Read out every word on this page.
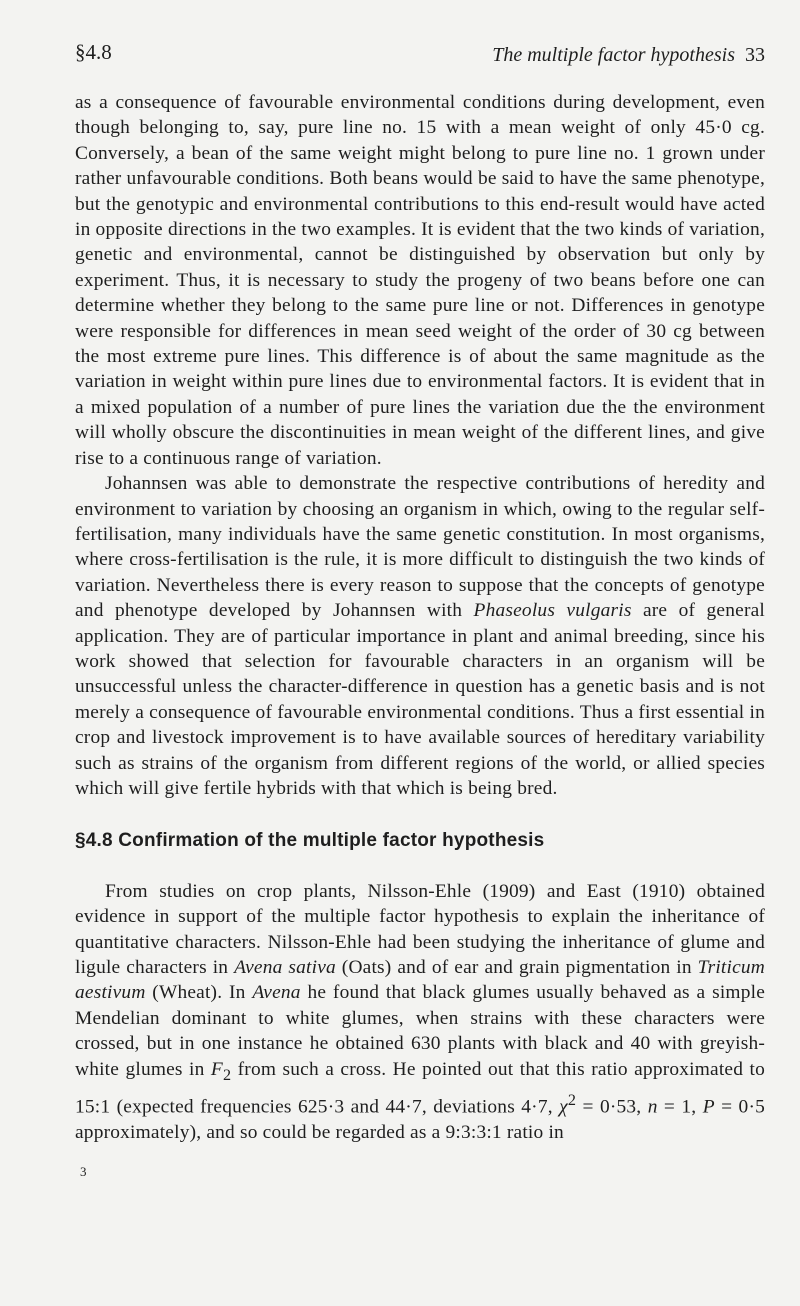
§4.8	The multiple factor hypothesis 33

as a consequence of favourable environmental conditions during development, even though belonging to, say, pure line no. 15 with a mean weight of only 45·0 cg. Conversely, a bean of the same weight might belong to pure line no. 1 grown under rather unfavourable conditions. Both beans would be said to have the same phenotype, but the genotypic and environmental contributions to this end-result would have acted in opposite directions in the two examples. It is evident that the two kinds of variation, genetic and environmental, cannot be distinguished by observation but only by experiment. Thus, it is necessary to study the progeny of two beans before one can determine whether they belong to the same pure line or not. Differences in genotype were responsible for differences in mean seed weight of the order of 30 cg between the most extreme pure lines. This difference is of about the same magnitude as the variation in weight within pure lines due to environmental factors. It is evident that in a mixed population of a number of pure lines the variation due the the environment will wholly obscure the discontinuities in mean weight of the different lines, and give rise to a continuous range of variation.

Johannsen was able to demonstrate the respective contributions of heredity and environment to variation by choosing an organism in which, owing to the regular self-fertilisation, many individuals have the same genetic constitution. In most organisms, where cross-fertilisation is the rule, it is more difficult to distinguish the two kinds of variation. Nevertheless there is every reason to suppose that the concepts of genotype and phenotype developed by Johannsen with Phaseolus vulgaris are of general application. They are of particular importance in plant and animal breeding, since his work showed that selection for favourable characters in an organism will be unsuccessful unless the character-difference in question has a genetic basis and is not merely a consequence of favourable environmental conditions. Thus a first essential in crop and livestock improvement is to have available sources of hereditary variability such as strains of the organism from different regions of the world, or allied species which will give fertile hybrids with that which is being bred.

§4.8 Confirmation of the multiple factor hypothesis

From studies on crop plants, Nilsson-Ehle (1909) and East (1910) obtained evidence in support of the multiple factor hypothesis to explain the inheritance of quantitative characters. Nilsson-Ehle had been studying the inheritance of glume and ligule characters in Avena sativa (Oats) and of ear and grain pigmentation in Triticum aestivum (Wheat). In Avena he found that black glumes usually behaved as a simple Mendelian dominant to white glumes, when strains with these characters were crossed, but in one instance he obtained 630 plants with black and 40 with greyish-white glumes in $F_2$ from such a cross. He pointed out that this ratio approximated to 15:1 (expected frequencies 625·3 and 44·7, deviations 4·7, $\chi^2 = 0\cdot 53$, n = 1, P = 0·5 approximately), and so could be regarded as a 9:3:3:1 ratio in

3
